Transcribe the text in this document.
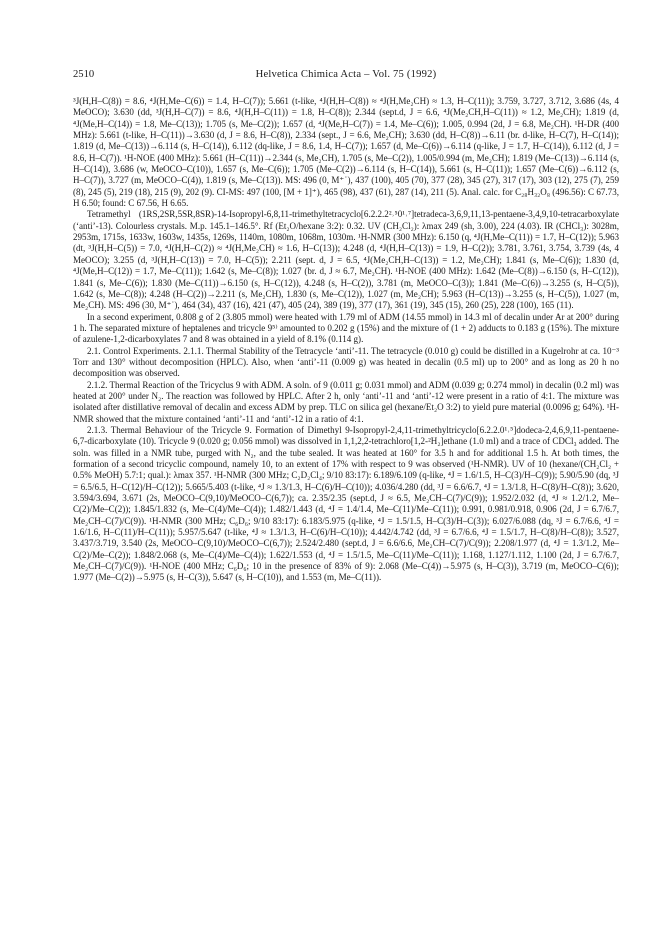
2510	Helvetica Chimica Acta – Vol. 75 (1992)

³J(H,H–C(8)) = 8.6, ⁴J(H,Me–C(6)) = 1.4, H–C(7)); 5.661 (t-like, ⁴J(H,H–C(8)) ≈ ⁴J(H,Me₂CH) ≈ 1.3, H–C(11)); 3.759, 3.727, 3.712, 3.686 (4s, 4 MeOCO); 3.630 (dd, ³J(H,H–C(7)) = 8.6, ⁴J(H,H–C(11)) = 1.8, H–C(8)); 2.344 (sept.d, J = 6.6, ⁴J(Me₂CH,H–C(11)) ≈ 1.2, Me₂CH); 1.819 (d, ⁴J(Me,H–C(14)) = 1.8, Me–C(13)); 1.705 (s, Me–C(2)); 1.657 (d, ⁴J(Me,H–C(7)) = 1.4, Me–C(6)); 1.005, 0.994 (2d, J = 6.8, Me₂CH). ¹H-DR (400 MHz): 5.661 (t-like, H–C(11))→3.630 (d, J = 8.6, H–C(8)), 2.334 (sept., J = 6.6, Me₂CH); 3.630 (dd, H–C(8))→6.11 (br. d-like, H–C(7), H–C(14)); 1.819 (d, Me–C(13))→6.114 (s, H–C(14)), 6.112 (dq-like, J = 8.6, 1.4, H–C(7)); 1.657 (d, Me–C(6))→6.114 (q-like, J = 1.7, H–C(14)), 6.112 (d, J = 8.6, H–C(7)). ¹H-NOE (400 MHz): 5.661 (H–C(11))→2.344 (s, Me₂CH), 1.705 (s, Me–C(2)), 1.005/0.994 (m, Me₂CH); 1.819 (Me–C(13))→6.114 (s, H–C(14)), 3.686 (w, MeOCO–C(10)), 1.657 (s, Me–C(6)); 1.705 (Me–C(2))→6.114 (s, H–C(14)), 5.661 (s, H–C(11)); 1.657 (Me–C(6))→6.112 (s, H–C(7)), 3.727 (m, MeOCO–C(4)), 1.819 (s, Me–C(13)). MS: 496 (0, M⁺˙), 437 (100), 405 (70), 377 (28), 345 (27), 317 (17), 303 (12), 275 (7), 259 (8), 245 (5), 219 (18), 215 (9), 202 (9). CI-MS: 497 (100, [M + 1]⁺), 465 (98), 437 (61), 287 (14), 211 (5). Anal. calc. for C₂₈H₃₂O₈ (496.56): C 67.73, H 6.50; found: C 67.56, H 6.65.

Tetramethyl (1RS,2SR,5SR,8SR)-14-Isopropyl-6,8,11-trimethyltetracyclo[6.2.2.2²˒⁵0¹˒⁷]tetradeca-3,6,9,11,13-pentaene-3,4,9,10-tetracarboxylate (‘anti’-13). Colourless crystals. M.p. 145.1–146.5°. Rf (Et₂O/hexane 3:2): 0.32. UV (CH₂Cl₂): λmax 249 (sh, 3.00), 224 (4.03). IR (CHCl₃): 3028m, 2953m, 1715s, 1633w, 1603w, 1435s, 1269s, 1140m, 1080m, 1068m, 1030m. ¹H-NMR (300 MHz): 6.150 (q, ⁴J(H,Me–C(11)) = 1.7, H–C(12)); 5.963 (dt, ³J(H,H–C(5)) = 7.0, ⁴J(H,H–C(2)) ≈ ⁴J(H,Me₂CH) ≈ 1.6, H–C(13)); 4.248 (d, ⁴J(H,H–C(13)) = 1.9, H–C(2)); 3.781, 3.761, 3.754, 3.739 (4s, 4 MeOCO); 3.255 (d, ³J(H,H–C(13)) = 7.0, H–C(5)); 2.211 (sept. d, J = 6.5, ⁴J(Me₂CH,H–C(13)) = 1.2, Me₂CH); 1.841 (s, Me–C(6)); 1.830 (d, ⁴J(Me,H–C(12)) = 1.7, Me–C(11)); 1.642 (s, Me–C(8)); 1.027 (br. d, J ≈ 6.7, Me₂CH). ¹H-NOE (400 MHz): 1.642 (Me–C(8))→6.150 (s, H–C(12)), 1.841 (s, Me–C(6)); 1.830 (Me–C(11))→6.150 (s, H–C(12)), 4.248 (s, H–C(2)), 3.781 (m, MeOCO–C(3)); 1.841 (Me–C(6))→3.255 (s, H–C(5)), 1.642 (s, Me–C(8)); 4.248 (H–C(2))→2.211 (s, Me₂CH), 1.830 (s, Me–C(12)), 1.027 (m, Me₂CH); 5.963 (H–C(13))→3.255 (s, H–C(5)), 1.027 (m, Me₂CH). MS: 496 (30, M⁺˙), 464 (34), 437 (16), 421 (47), 405 (24), 389 (19), 377 (17), 361 (19), 345 (15), 260 (25), 228 (100), 165 (11).

In a second experiment, 0.808 g of 2 (3.805 mmol) were heated with 1.79 ml of ADM (14.55 mmol) in 14.3 ml of decalin under Ar at 200° during 1 h. The separated mixture of heptalenes and tricycle 9⁵⁾ amounted to 0.202 g (15%) and the mixture of (1 + 2) adducts to 0.183 g (15%). The mixture of azulene-1,2-dicarboxylates 7 and 8 was obtained in a yield of 8.1% (0.114 g).

2.1. Control Experiments. 2.1.1. Thermal Stability of the Tetracycle ‘anti’-11. The tetracycle (0.010 g) could be distilled in a Kugelrohr at ca. 10⁻³ Torr and 130° without decomposition (HPLC). Also, when ‘anti’-11 (0.009 g) was heated in decalin (0.5 ml) up to 200° and as long as 20 h no decomposition was observed.

2.1.2. Thermal Reaction of the Tricyclus 9 with ADM. A soln. of 9 (0.011 g; 0.031 mmol) and ADM (0.039 g; 0.274 mmol) in decalin (0.2 ml) was heated at 200° under N₂. The reaction was followed by HPLC. After 2 h, only ‘anti’-11 and ‘anti’-12 were present in a ratio of 4:1. The mixture was isolated after distillative removal of decalin and excess ADM by prep. TLC on silica gel (hexane/Et₂O 3:2) to yield pure material (0.0096 g; 64%). ¹H-NMR showed that the mixture contained ‘anti’-11 and ‘anti’-12 in a ratio of 4:1.

2.1.3. Thermal Behaviour of the Tricycle 9. Formation of Dimethyl 9-Isopropyl-2,4,11-trimethyltricyclo[6.2.2.0¹˒⁵]dodeca-2,4,6,9,11-pentaene-6,7-dicarboxylate (10). Tricycle 9 (0.020 g; 0.056 mmol) was dissolved in 1,1,2,2-tetrachloro[1,2-²H₂]ethane (1.0 ml) and a trace of CDCl₃ added. The soln. was filled in a NMR tube, purged with N₂, and the tube sealed. It was heated at 160° for 3.5 h and for additional 1.5 h. At both times, the formation of a second tricyclic compound, namely 10, to an extent of 17% with respect to 9 was observed (¹H-NMR). UV of 10 (hexane/(CH₂Cl₂ + 0.5% MeOH) 5.7:1; qual.): λmax 357. ¹H-NMR (300 MHz; C₂D₂Cl₄; 9/10 83:17): 6.189/6.109 (q-like, ⁴J = 1.6/1.5, H–C(3)/H–C(9)); 5.90/5.90 (dq, ³J = 6.5/6.5, H–C(12)/H–C(12)); 5.665/5.403 (t-like, ⁴J ≈ 1.3/1.3, H–C(6)/H–C(10)); 4.036/4.280 (dd, ³J = 6.6/6.7, ⁴J = 1.3/1.8, H–C(8)/H–C(8)); 3.620, 3.594/3.694, 3.671 (2s, MeOCO–C(9,10)/MeOCO–C(6,7)); ca. 2.35/2.35 (sept.d, J ≈ 6.5, Me₂CH–C(7)/C(9)); 1.952/2.032 (d, ⁴J ≈ 1.2/1.2, Me–C(2)/Me–C(2)); 1.845/1.832 (s, Me–C(4)/Me–C(4)); 1.482/1.443 (d, ⁴J = 1.4/1.4, Me–C(11)/Me–C(11)); 0.991, 0.981/0.918, 0.906 (2d, J = 6.7/6.7, Me₂CH–C(7)/C(9)). ¹H-NMR (300 MHz; C₆D₆; 9/10 83:17): 6.183/5.975 (q-like, ⁴J = 1.5/1.5, H–C(3)/H–C(3)); 6.027/6.088 (dq, ³J = 6.7/6.6, ⁴J = 1.6/1.6, H–C(11)/H–C(11)); 5.957/5.647 (t-like, ⁴J ≈ 1.3/1.3, H–C(6)/H–C(10)); 4.442/4.742 (dd, ³J = 6.7/6.6, ⁴J = 1.5/1.7, H–C(8)/H–C(8)); 3.527, 3.437/3.719, 3.540 (2s, MeOCO–C(9,10)/MeOCO–C(6,7)); 2.524/2.480 (sept.d, J = 6.6/6.6, Me₂CH–C(7)/C(9)); 2.208/1.977 (d, ⁴J = 1.3/1.2, Me–C(2)/Me–C(2)); 1.848/2.068 (s, Me–C(4)/Me–C(4)); 1.622/1.553 (d, ⁴J = 1.5/1.5, Me–C(11)/Me–C(11)); 1.168, 1.127/1.112, 1.100 (2d, J = 6.7/6.7, Me₂CH–C(7)/C(9)). ¹H-NOE (400 MHz; C₆D₆; 10 in the presence of 83% of 9): 2.068 (Me–C(4))→5.975 (s, H–C(3)), 3.719 (m, MeOCO–C(6)); 1.977 (Me–C(2))→5.975 (s, H–C(3)), 5.647 (s, H–C(10)), and 1.553 (m, Me–C(11)).
